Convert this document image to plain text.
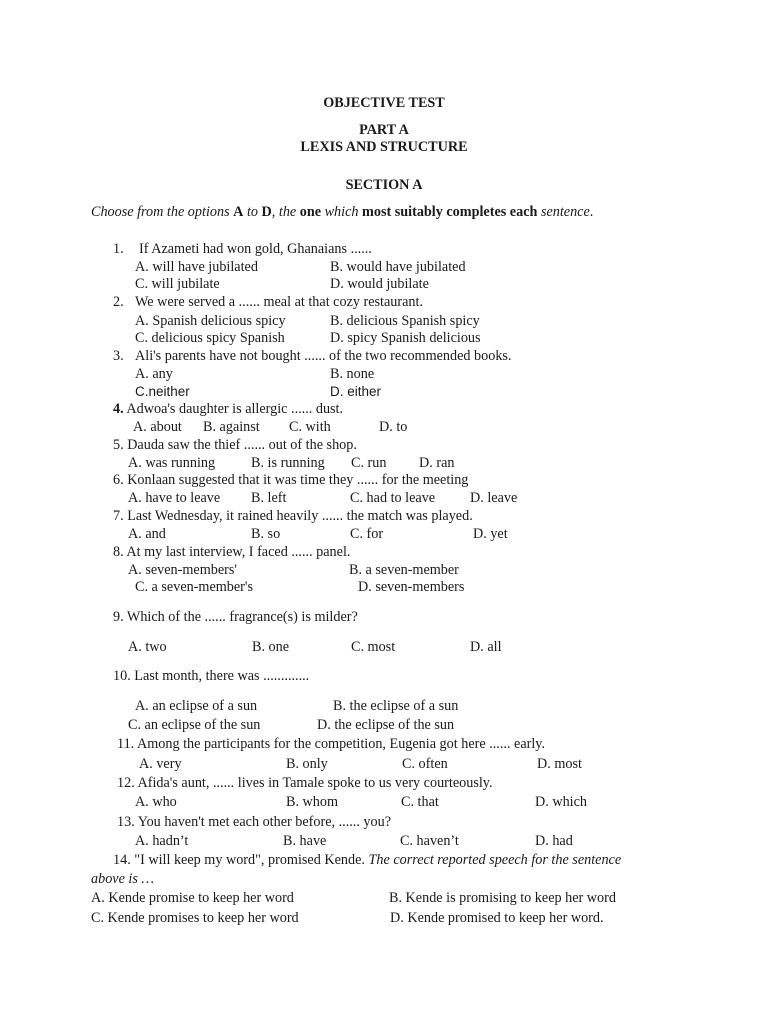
OBJECTIVE TEST
PART A
LEXIS AND STRUCTURE
SECTION A
Choose from the options A to D, the one which most suitably completes each sentence.
1. If Azameti had won gold, Ghanaians ......
A. will have jubilated	B. would have jubilated
C. will jubilate	D. would jubilate
2. We were served a ...... meal at that cozy restaurant.
A. Spanish delicious spicy	B. delicious Spanish spicy
C. delicious spicy Spanish	D. spicy Spanish delicious
3. Ali's parents have not bought ...... of the two recommended books.
A. any	B. none
C.neither	D. either
4. Adwoa's daughter is allergic ...... dust.
A. about B. against C. with	D. to
5. Dauda saw the thief ...... out of the shop.
A. was running	B. is running C. run D. ran
6. Konlaan suggested that it was time they ...... for the meeting
A. have to leave B. left	C. had to leave D. leave
7. Last Wednesday, it rained heavily ...... the match was played.
A. and	B. so	C. for	D. yet
8. At my last interview, I faced ...... panel.
A. seven-members'	B. a seven-member
C. a seven-member's	D. seven-members
9. Which of the ...... fragrance(s) is milder?
A. two	B. one	C. most	D. all
10. Last month, there was .............
A. an eclipse of a sun	B. the eclipse of a sun
C. an eclipse of the sun	D. the eclipse of the sun
11. Among the participants for the competition, Eugenia got here ...... early.
A. very	B. only	C. often	D. most
12. Afida's aunt, ...... lives in Tamale spoke to us very courteously.
A. who	B. whom	C. that	D. which
13. You haven't met each other before, ...... you?
A. hadn’t	B. have	C. haven’t	D. had
14. "I will keep my word", promised Kende. The correct reported speech for the sentence
above is …
A. Kende promise to keep her word	B. Kende is promising to keep her word
C. Kende promises to keep her word	D. Kende promised to keep her word.
